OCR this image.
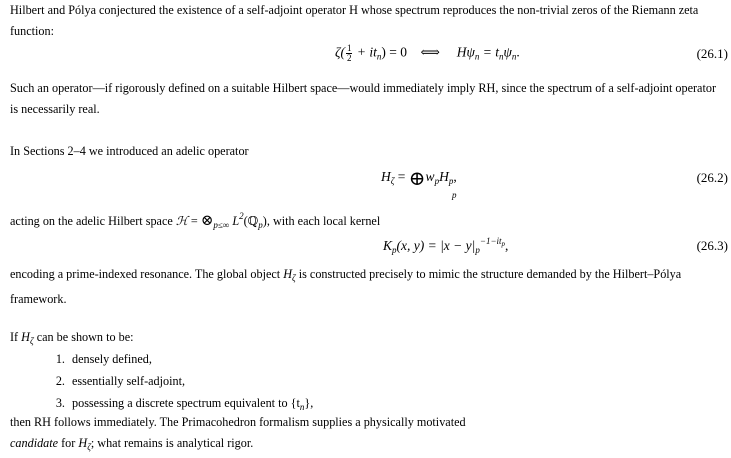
Hilbert and Pólya conjectured the existence of a self-adjoint operator H whose spectrum reproduces the non-trivial zeros of the Riemann zeta function:

$\zeta( \frac{1}{2} + it_n) = 0$ ⟺ $H\psi_n = t_n\psi_n$.	(26.1)

Such an operator—if rigorously defined on a suitable Hilbert space—would immediately imply RH, since the spectrum of a self-adjoint operator is necessarily real.

In Sections 2–4 we introduced an adelic operator

$H_\zeta$ = $\oplus w_pH_p$,
p
(26.2)

acting on the adelic Hilbert space ℋ = $\otimes_{p\le\infty}$ $L^2(ℚ_p)$, with each local kernel

$K_p(x$, $y) = |x - y|_p^{-1-itp}$,	(26.3)

encoding a prime-indexed resonance. The global object $H_\zeta$ is constructed precisely to mimic the structure demanded by the Hilbert–Pólya framework.

If $H_\zeta$ can be shown to be:

1. densely defined,
2. essentially self-adjoint,
3. possessing a discrete spectrum equivalent to $\{t_n\}$,

then RH follows immediately. The Primacohedron formalism supplies a physically motivated
candidate for $H_\zeta$; what remains is analytical rigor.
